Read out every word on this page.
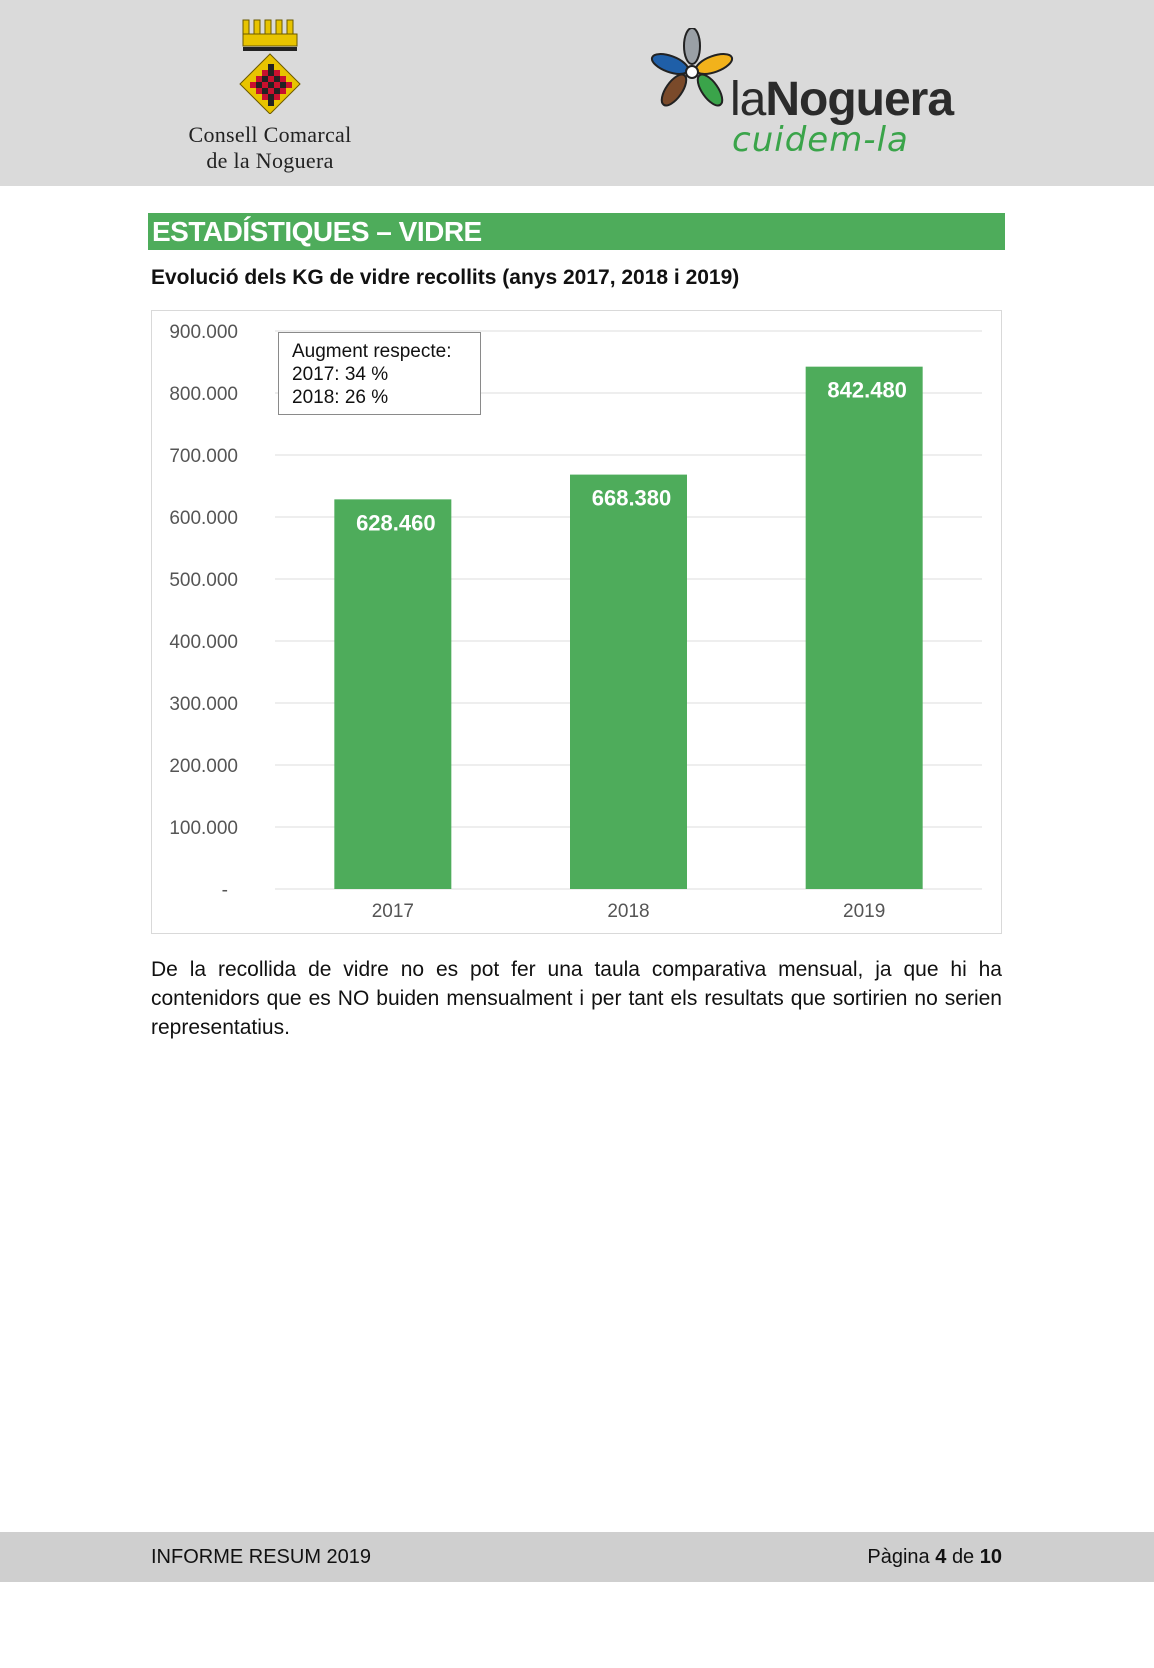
Consell Comarcal
de la Noguera
laNoguera
cuidem-la
ESTADÍSTIQUES – VIDRE
Evolució dels KG de vidre recollits (anys 2017, 2018 i 2019)
-
100.000
200.000
300.000
400.000
500.000
600.000
700.000
800.000
900.000
628.460
2017
668.380
2018
842.480
2019
Augment respecte:
2017: 34 %
2018: 26 %
De la recollida de vidre no es pot fer una taula comparativa mensual, ja que hi ha contenidors que es NO buiden mensualment i per tant els resultats que sortirien no serien representatius.
INFORME RESUM 2019	Pàgina 4 de 10
